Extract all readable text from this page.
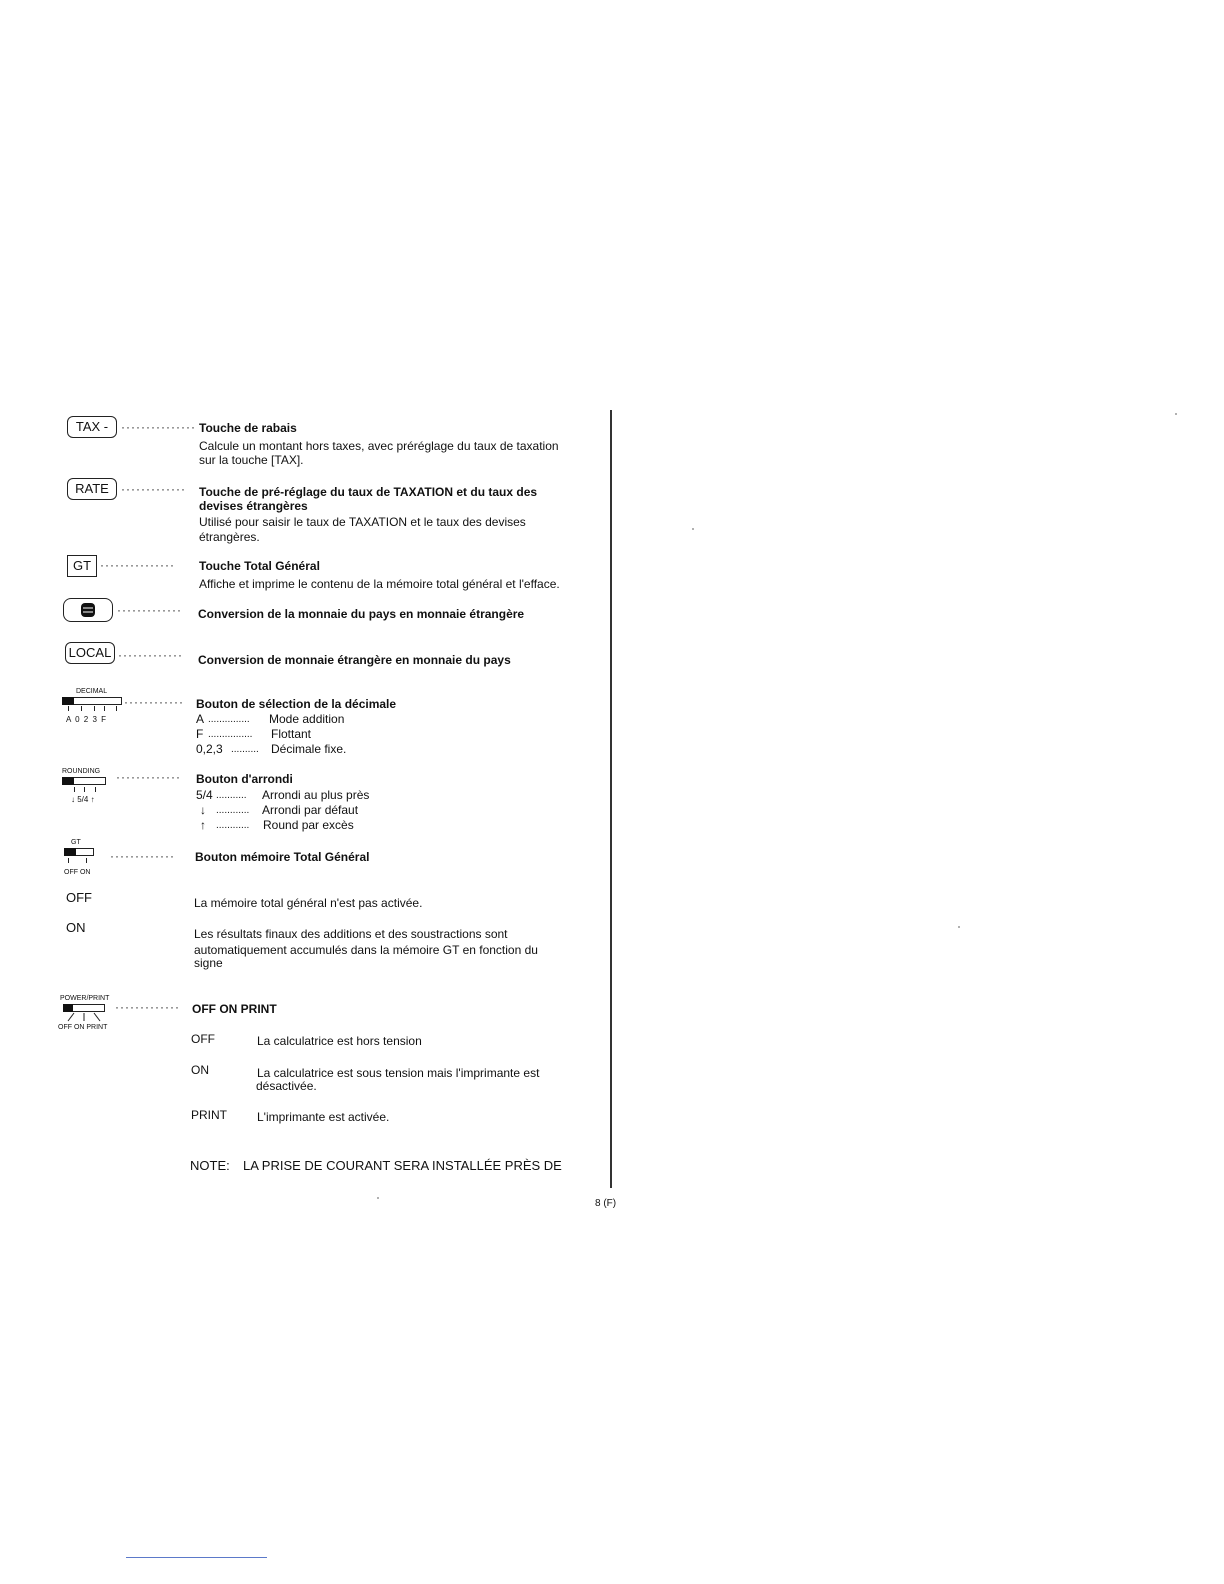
TAX -	··············· Touche de rabais
Calcule un montant hors taxes, avec préréglage du taux de taxation
sur la touche [TAX].
RATE	············· Touche de pré-réglage du taux de TAXATION et du taux des
devises étrangères
Utilisé pour saisir le taux de TAXATION et le taux des devises
étrangères.
GT ··············· Touche Total Général
Affiche et imprime le contenu de la mémoire total général et l'efface.
············· Conversion de la monnaie du pays en monnaie étrangère
LOCAL ············· Conversion de monnaie étrangère en monnaie du pays
DECIMAL
A 0 2 3 F
············ Bouton de sélection de la décimale
A ............... Mode addition
F ................ Flottant
0,2,3 .......... Décimale fixe.
ROUNDING
↓ 5/4 ↑
············· Bouton d'arrondi
5/4 ........... Arrondi au plus près
↓ ............ Arrondi par défaut
↑ ............ Round par excès
GT
OFF ON
············· Bouton mémoire Total Général
OFF	La mémoire total général n'est pas activée.
ON	Les résultats finaux des additions et des soustractions sont
automatiquement accumulés dans la mémoire GT en fonction du
signe
POWER/PRINT
OFF ON PRINT
············· OFF ON PRINT
OFF	La calculatrice est hors tension
ON	La calculatrice est sous tension mais l'imprimante est
désactivée.
PRINT	L'imprimante est activée.
NOTE: LA PRISE DE COURANT SERA INSTALLÉE PRÈS DE
8 (F)
